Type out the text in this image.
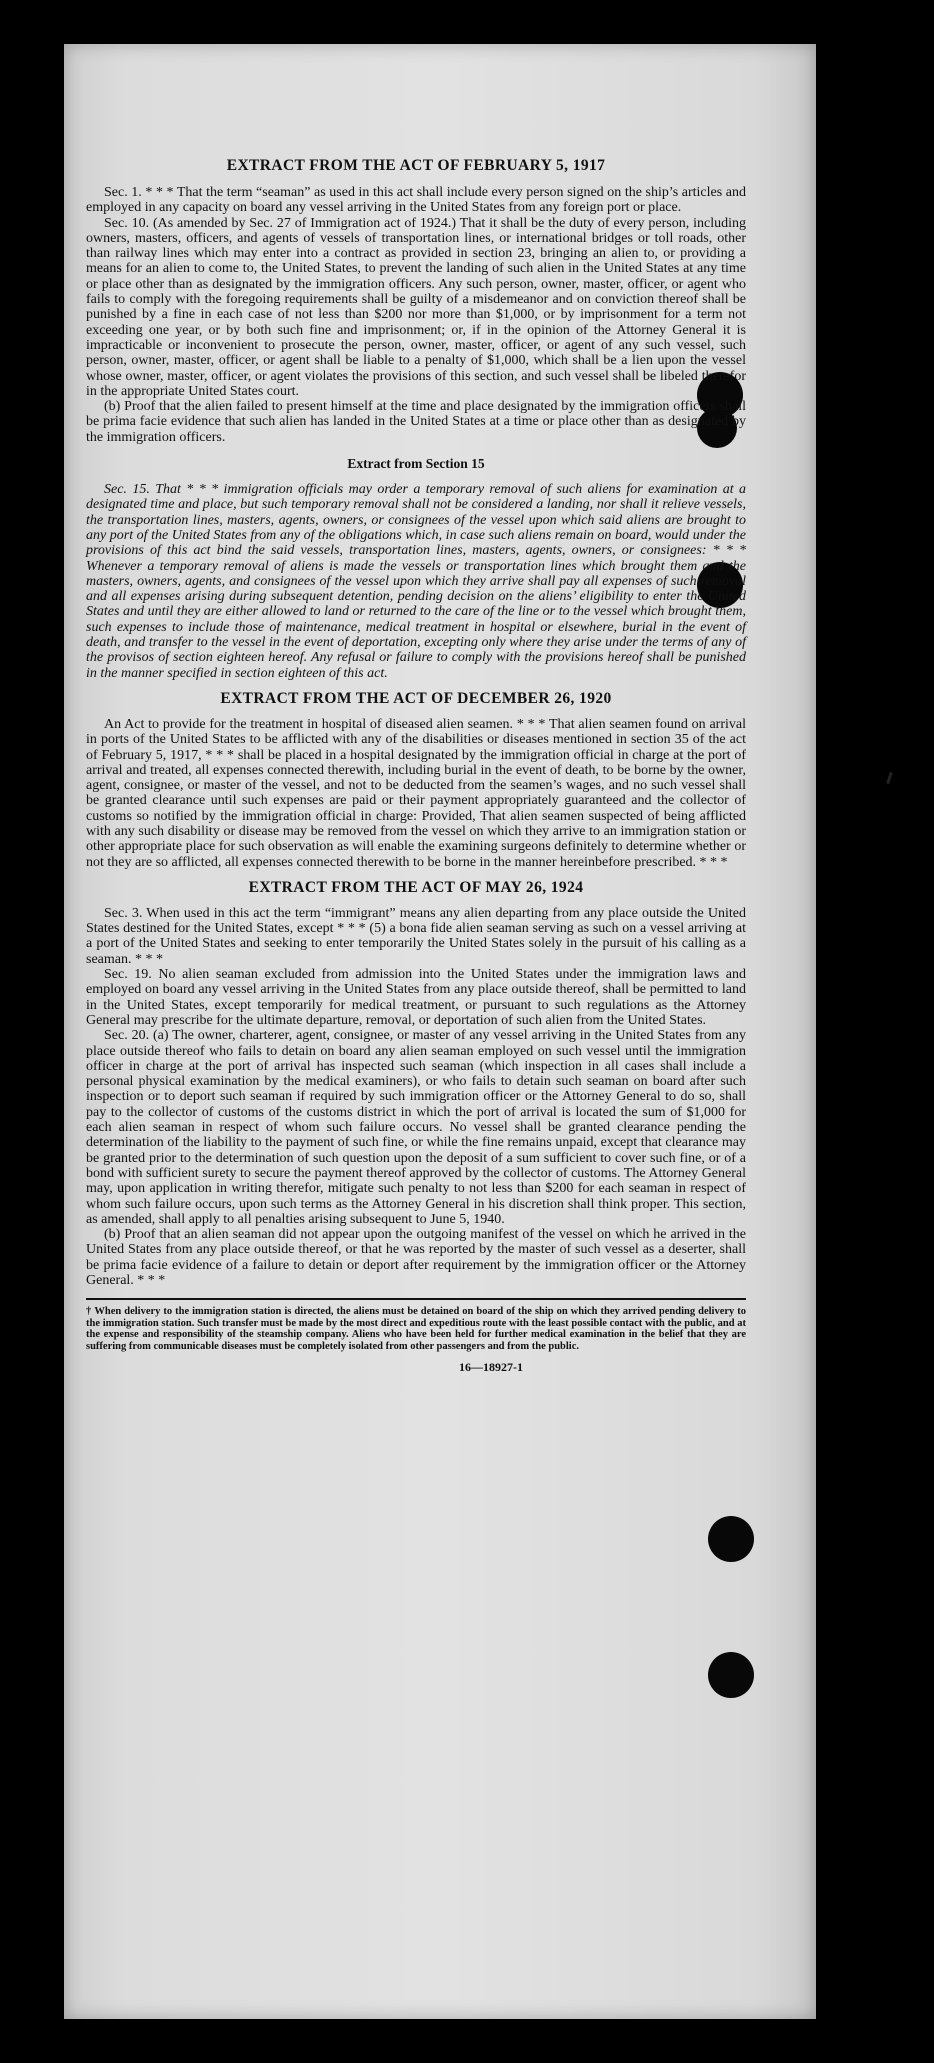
EXTRACT FROM THE ACT OF FEBRUARY 5, 1917

Sec. 1. * * * That the term “seaman” as used in this act shall include every person signed on the ship’s articles and employed in any capacity on board any vessel arriving in the United States from any foreign port or place.

Sec. 10. (As amended by Sec. 27 of Immigration act of 1924.) That it shall be the duty of every person, including owners, masters, officers, and agents of vessels of transportation lines, or international bridges or toll roads, other than railway lines which may enter into a contract as provided in section 23, bringing an alien to, or providing a means for an alien to come to, the United States, to prevent the landing of such alien in the United States at any time or place other than as designated by the immigration officers. Any such person, owner, master, officer, or agent who fails to comply with the foregoing requirements shall be guilty of a misdemeanor and on conviction thereof shall be punished by a fine in each case of not less than $200 nor more than $1,000, or by imprisonment for a term not exceeding one year, or by both such fine and imprisonment; or, if in the opinion of the Attorney General it is impracticable or inconvenient to prosecute the person, owner, master, officer, or agent of any such vessel, such person, owner, master, officer, or agent shall be liable to a penalty of $1,000, which shall be a lien upon the vessel whose owner, master, officer, or agent violates the provisions of this section, and such vessel shall be libeled therefor in the appropriate United States court.

(b) Proof that the alien failed to present himself at the time and place designated by the immigration officers shall be prima facie evidence that such alien has landed in the United States at a time or place other than as designated by the immigration officers.

Extract from Section 15

Sec. 15. That * * * immigration officials may order a temporary removal of such aliens for examination at a designated time and place, but such temporary removal shall not be considered a landing, nor shall it relieve vessels, the transportation lines, masters, agents, owners, or consignees of the vessel upon which said aliens are brought to any port of the United States from any of the obligations which, in case such aliens remain on board, would under the provisions of this act bind the said vessels, transportation lines, masters, agents, owners, or consignees: * * * Whenever a temporary removal of aliens is made the vessels or transportation lines which brought them and the masters, owners, agents, and consignees of the vessel upon which they arrive shall pay all expenses of such removal and all expenses arising during subsequent detention, pending decision on the aliens’ eligibility to enter the United States and until they are either allowed to land or returned to the care of the line or to the vessel which brought them, such expenses to include those of maintenance, medical treatment in hospital or elsewhere, burial in the event of death, and transfer to the vessel in the event of deportation, excepting only where they arise under the terms of any of the provisos of section eighteen hereof. Any refusal or failure to comply with the provisions hereof shall be punished in the manner specified in section eighteen of this act.

EXTRACT FROM THE ACT OF DECEMBER 26, 1920

An Act to provide for the treatment in hospital of diseased alien seamen. * * * That alien seamen found on arrival in ports of the United States to be afflicted with any of the disabilities or diseases mentioned in section 35 of the act of February 5, 1917, * * * shall be placed in a hospital designated by the immigration official in charge at the port of arrival and treated, all expenses connected therewith, including burial in the event of death, to be borne by the owner, agent, consignee, or master of the vessel, and not to be deducted from the seamen’s wages, and no such vessel shall be granted clearance until such expenses are paid or their payment appropriately guaranteed and the collector of customs so notified by the immigration official in charge: Provided, That alien seamen suspected of being afflicted with any such disability or disease may be removed from the vessel on which they arrive to an immigration station or other appropriate place for such observation as will enable the examining surgeons definitely to determine whether or not they are so afflicted, all expenses connected therewith to be borne in the manner hereinbefore prescribed. * * *

EXTRACT FROM THE ACT OF MAY 26, 1924

Sec. 3. When used in this act the term “immigrant” means any alien departing from any place outside the United States destined for the United States, except * * * (5) a bona fide alien seaman serving as such on a vessel arriving at a port of the United States and seeking to enter temporarily the United States solely in the pursuit of his calling as a seaman. * * *

Sec. 19. No alien seaman excluded from admission into the United States under the immigration laws and employed on board any vessel arriving in the United States from any place outside thereof, shall be permitted to land in the United States, except temporarily for medical treatment, or pursuant to such regulations as the Attorney General may prescribe for the ultimate departure, removal, or deportation of such alien from the United States.

Sec. 20. (a) The owner, charterer, agent, consignee, or master of any vessel arriving in the United States from any place outside thereof who fails to detain on board any alien seaman employed on such vessel until the immigration officer in charge at the port of arrival has inspected such seaman (which inspection in all cases shall include a personal physical examination by the medical examiners), or who fails to detain such seaman on board after such inspection or to deport such seaman if required by such immigration officer or the Attorney General to do so, shall pay to the collector of customs of the customs district in which the port of arrival is located the sum of $1,000 for each alien seaman in respect of whom such failure occurs. No vessel shall be granted clearance pending the determination of the liability to the payment of such fine, or while the fine remains unpaid, except that clearance may be granted prior to the determination of such question upon the deposit of a sum sufficient to cover such fine, or of a bond with sufficient surety to secure the payment thereof approved by the collector of customs. The Attorney General may, upon application in writing therefor, mitigate such penalty to not less than $200 for each seaman in respect of whom such failure occurs, upon such terms as the Attorney General in his discretion shall think proper. This section, as amended, shall apply to all penalties arising subsequent to June 5, 1940.

(b) Proof that an alien seaman did not appear upon the outgoing manifest of the vessel on which he arrived in the United States from any place outside thereof, or that he was reported by the master of such vessel as a deserter, shall be prima facie evidence of a failure to detain or deport after requirement by the immigration officer or the Attorney General. * * *

† When delivery to the immigration station is directed, the aliens must be detained on board of the ship on which they arrived pending delivery to the immigration station. Such transfer must be made by the most direct and expeditious route with the least possible contact with the public, and at the expense and responsibility of the steamship company. Aliens who have been held for further medical examination in the belief that they are suffering from communicable diseases must be completely isolated from other passengers and from the public.

16—18927-1
